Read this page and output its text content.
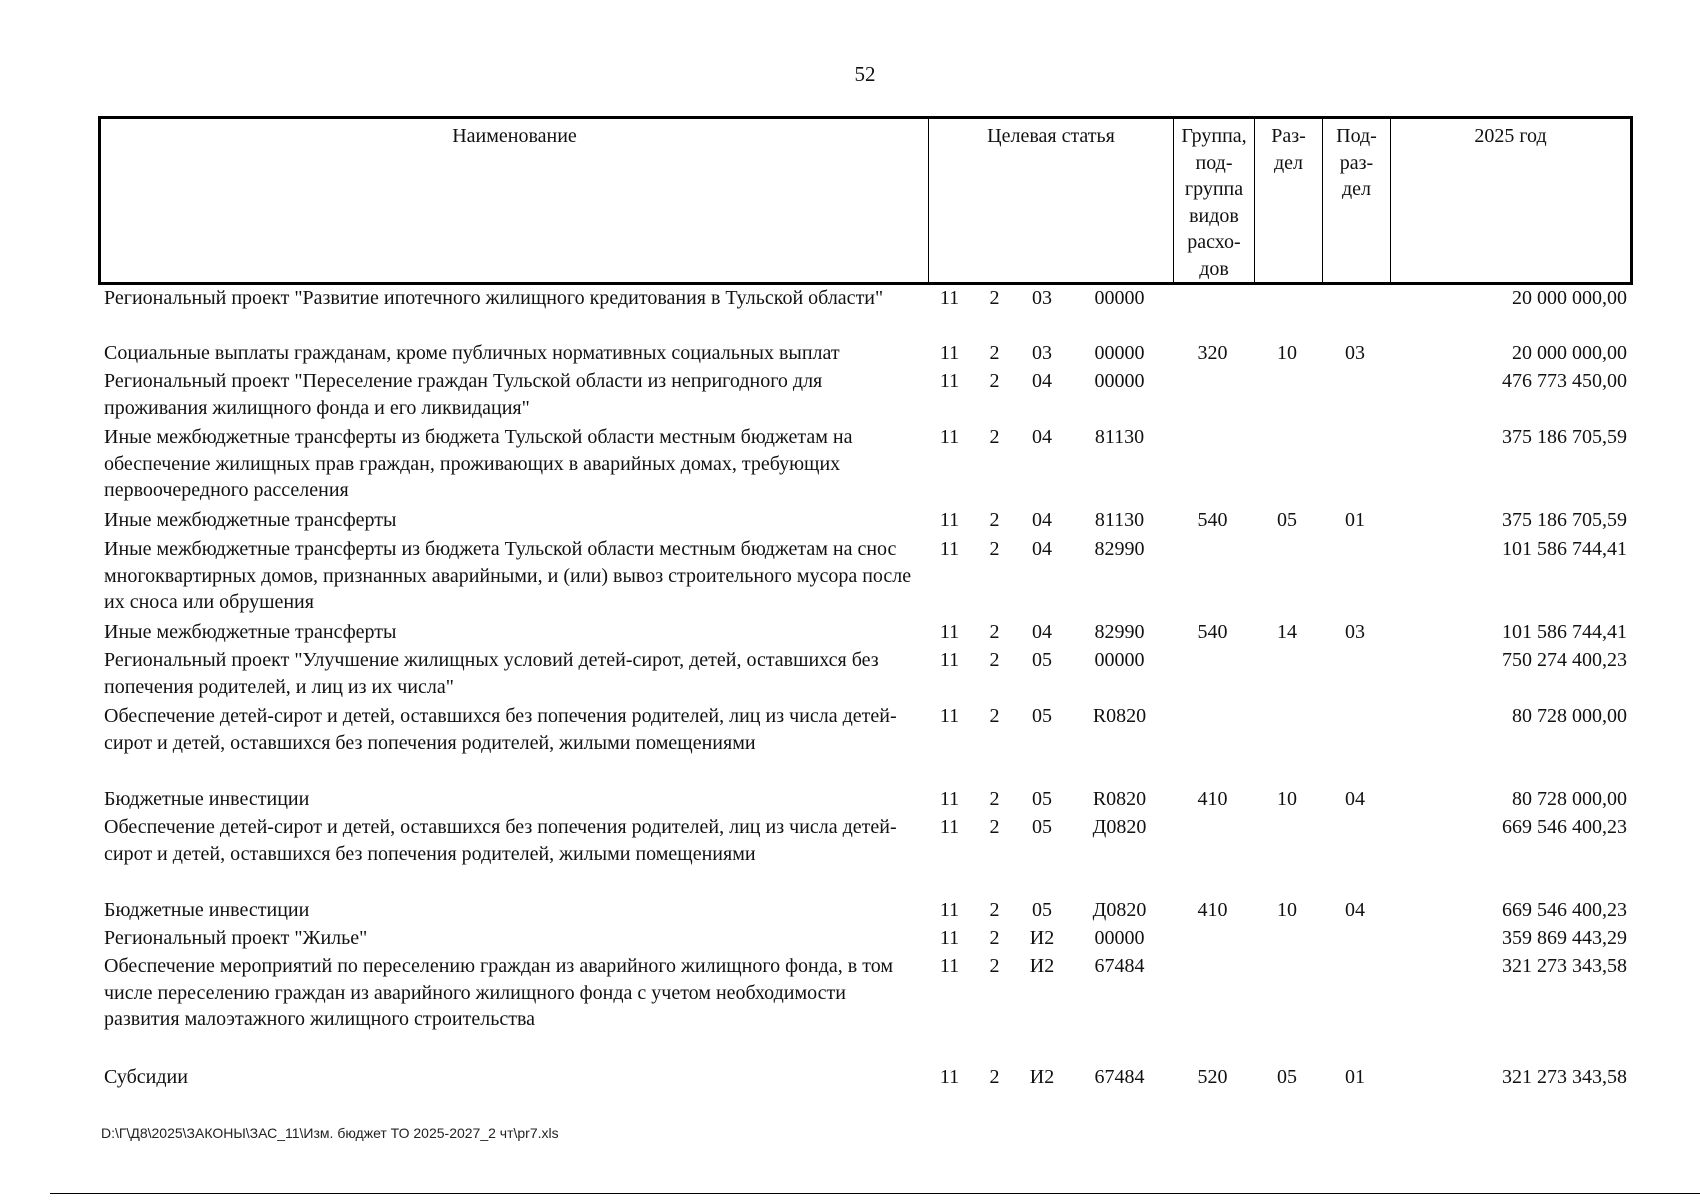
52
Наименование	Целевая статья	Группа, под- группа видов расхо- дов	Раз- дел	Под- раз- дел	2025 год
Региональный проект "Развитие ипотечного жилищного кредитования в Тульской области"	11	2	03	00000				20 000 000,00
Социальные выплаты гражданам, кроме публичных нормативных социальных выплат	11	2	03	00000	320	10	03	20 000 000,00
Региональный проект "Переселение граждан Тульской области из непригодного для проживания жилищного фонда и его ликвидация"	11	2	04	00000				476 773 450,00
Иные межбюджетные трансферты из бюджета Тульской области местным бюджетам на обеспечение жилищных прав граждан, проживающих в аварийных домах, требующих первоочередного расселения	11	2	04	81130				375 186 705,59
Иные межбюджетные трансферты	11	2	04	81130	540	05	01	375 186 705,59
Иные межбюджетные трансферты из бюджета Тульской области местным бюджетам на снос многоквартирных домов, признанных аварийными, и (или) вывоз строительного мусора после их сноса или обрушения	11	2	04	82990				101 586 744,41
Иные межбюджетные трансферты	11	2	04	82990	540	14	03	101 586 744,41
Региональный проект "Улучшение жилищных условий детей-сирот, детей, оставшихся без попечения родителей, и лиц из их числа"	11	2	05	00000				750 274 400,23
Обеспечение детей-сирот и детей, оставшихся без попечения родителей, лиц из числа детей-сирот и детей, оставшихся без попечения родителей, жилыми помещениями	11	2	05	R0820				80 728 000,00
Бюджетные инвестиции	11	2	05	R0820	410	10	04	80 728 000,00
Обеспечение детей-сирот и детей, оставшихся без попечения родителей, лиц из числа детей-сирот и детей, оставшихся без попечения родителей, жилыми помещениями	11	2	05	Д0820				669 546 400,23
Бюджетные инвестиции	11	2	05	Д0820	410	10	04	669 546 400,23
Региональный проект "Жилье"	11	2	И2	00000				359 869 443,29
Обеспечение мероприятий по переселению граждан из аварийного жилищного фонда, в том числе переселению граждан из аварийного жилищного фонда с учетом необходимости развития малоэтажного жилищного строительства	11	2	И2	67484				321 273 343,58
Субсидии	11	2	И2	67484	520	05	01	321 273 343,58
D:\Г\Д8\2025\ЗАКОНЫ\ЗАС_11\Изм. бюджет ТО 2025-2027_2 чт\pr7.xls
